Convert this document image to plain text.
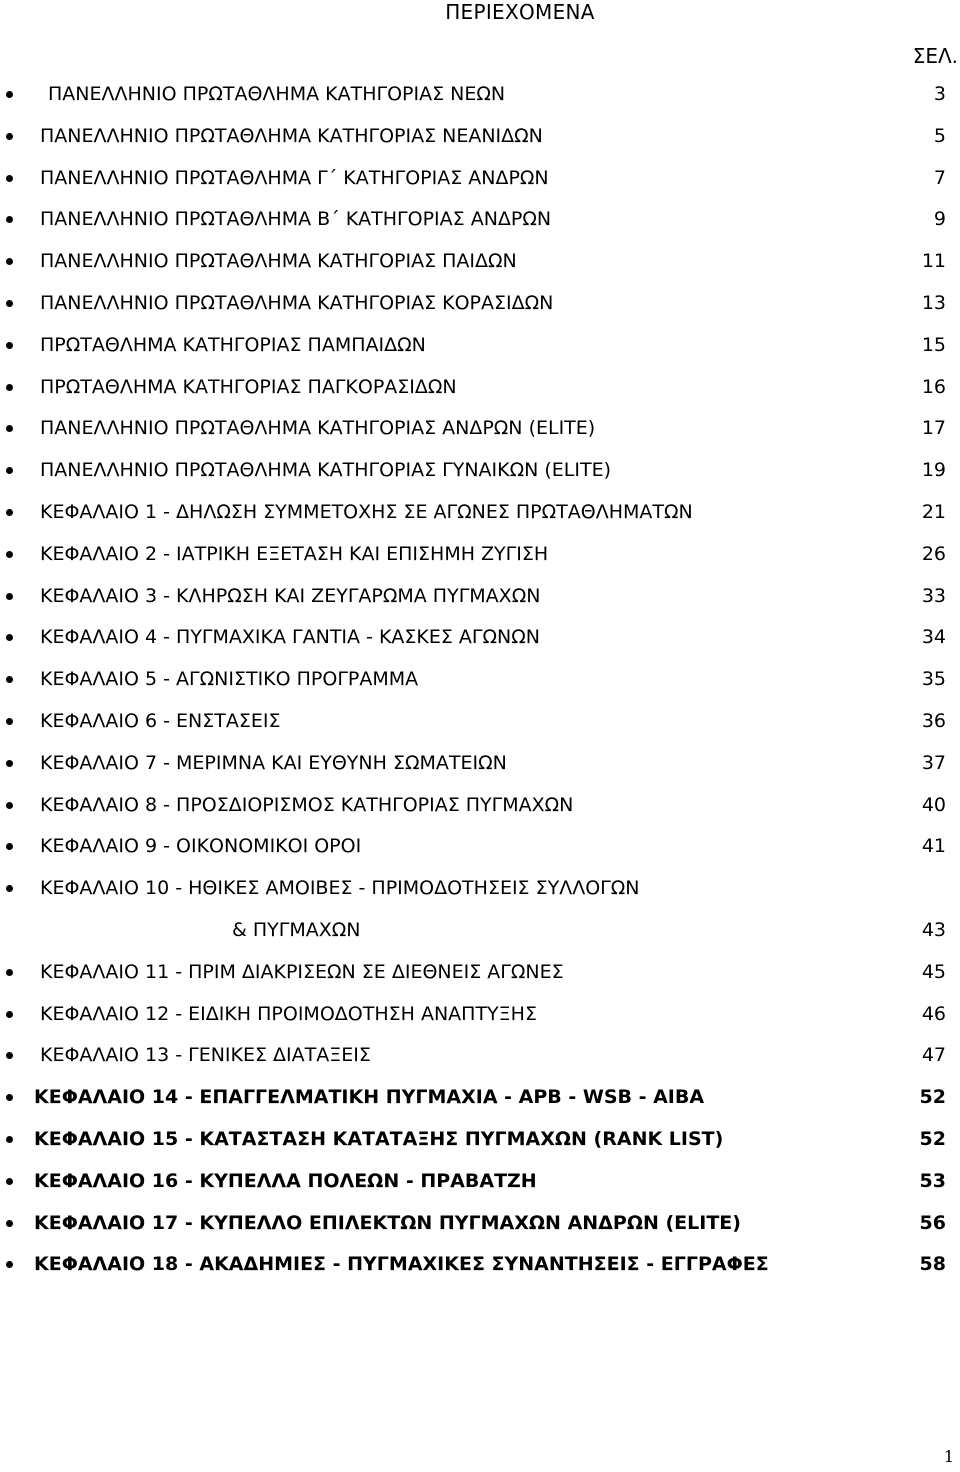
ΠΕΡΙΕΧΟΜΕΝΑ
ΣΕΛ.
ΠΑΝΕΛΛΗΝΙΟ ΠΡΩΤΑΘΛΗΜΑ ΚΑΤΗΓΟΡΙΑΣ ΝΕΩΝ	3
ΠΑΝΕΛΛΗΝΙΟ ΠΡΩΤΑΘΛΗΜΑ ΚΑΤΗΓΟΡΙΑΣ ΝΕΑΝΙΔΩΝ	5
ΠΑΝΕΛΛΗΝΙΟ ΠΡΩΤΑΘΛΗΜΑ Γ΄ ΚΑΤΗΓΟΡΙΑΣ ΑΝΔΡΩΝ	7
ΠΑΝΕΛΛΗΝΙΟ ΠΡΩΤΑΘΛΗΜΑ Β΄ ΚΑΤΗΓΟΡΙΑΣ ΑΝΔΡΩΝ	9
ΠΑΝΕΛΛΗΝΙΟ ΠΡΩΤΑΘΛΗΜΑ ΚΑΤΗΓΟΡΙΑΣ ΠΑΙΔΩΝ	11
ΠΑΝΕΛΛΗΝΙΟ ΠΡΩΤΑΘΛΗΜΑ ΚΑΤΗΓΟΡΙΑΣ ΚΟΡΑΣΙΔΩΝ	13
ΠΡΩΤΑΘΛΗΜΑ ΚΑΤΗΓΟΡΙΑΣ ΠΑΜΠΑΙΔΩΝ	15
ΠΡΩΤΑΘΛΗΜΑ ΚΑΤΗΓΟΡΙΑΣ ΠΑΓΚΟΡΑΣΙΔΩΝ	16
ΠΑΝΕΛΛΗΝΙΟ ΠΡΩΤΑΘΛΗΜΑ ΚΑΤΗΓΟΡΙΑΣ ΑΝΔΡΩΝ (ELITE)	17
ΠΑΝΕΛΛΗΝΙΟ ΠΡΩΤΑΘΛΗΜΑ ΚΑΤΗΓΟΡΙΑΣ ΓΥΝΑΙΚΩΝ (ELITE)	19
ΚΕΦΑΛΑΙΟ 1 - ΔΗΛΩΣΗ ΣΥΜΜΕΤΟΧΗΣ ΣΕ ΑΓΩΝΕΣ ΠΡΩΤΑΘΛΗΜΑΤΩΝ	21
ΚΕΦΑΛΑΙΟ 2 - ΙΑΤΡΙΚΗ ΕΞΕΤΑΣΗ ΚΑΙ ΕΠΙΣΗΜΗ ΖΥΓΙΣΗ	26
ΚΕΦΑΛΑΙΟ 3 - ΚΛΗΡΩΣΗ ΚΑΙ ΖΕΥΓΑΡΩΜΑ ΠΥΓΜΑΧΩΝ	33
ΚΕΦΑΛΑΙΟ 4 - ΠΥΓΜΑΧΙΚΑ ΓΑΝΤΙΑ - ΚΑΣΚΕΣ ΑΓΩΝΩΝ	34
ΚΕΦΑΛΑΙΟ 5 - ΑΓΩΝΙΣΤΙΚΟ ΠΡΟΓΡΑΜΜΑ	35
ΚΕΦΑΛΑΙΟ 6 - ΕΝΣΤΑΣΕΙΣ	36
ΚΕΦΑΛΑΙΟ 7 - ΜΕΡΙΜΝΑ ΚΑΙ ΕΥΘΥΝΗ ΣΩΜΑΤΕΙΩΝ	37
ΚΕΦΑΛΑΙΟ 8 - ΠΡΟΣΔΙΟΡΙΣΜΟΣ ΚΑΤΗΓΟΡΙΑΣ ΠΥΓΜΑΧΩΝ	40
ΚΕΦΑΛΑΙΟ 9 - ΟΙΚΟΝΟΜΙΚΟΙ ΟΡΟΙ	41
ΚΕΦΑΛΑΙΟ 10 - ΗΘΙΚΕΣ ΑΜΟΙΒΕΣ - ΠΡΙΜΟΔΟΤΗΣΕΙΣ ΣΥΛΛΟΓΩΝ
& ΠΥΓΜΑΧΩΝ	43
ΚΕΦΑΛΑΙΟ 11 - ΠΡΙΜ ΔΙΑΚΡΙΣΕΩΝ ΣΕ ΔΙΕΘΝΕΙΣ ΑΓΩΝΕΣ	45
ΚΕΦΑΛΑΙΟ 12 - ΕΙΔΙΚΗ ΠΡΟΙΜΟΔΟΤΗΣΗ ΑΝΑΠΤΥΞΗΣ	46
ΚΕΦΑΛΑΙΟ 13 - ΓΕΝΙΚΕΣ ΔΙΑΤΑΞΕΙΣ	47
ΚΕΦΑΛΑΙΟ 14 - ΕΠΑΓΓΕΛΜΑΤΙΚΗ ΠΥΓΜΑΧΙΑ - APB - WSB - AIBA	52
ΚΕΦΑΛΑΙΟ 15 - ΚΑΤΑΣΤΑΣΗ ΚΑΤΑΤΑΞΗΣ ΠΥΓΜΑΧΩΝ (RANK LIST)	52
ΚΕΦΑΛΑΙΟ 16 - ΚΥΠΕΛΛΑ ΠΟΛΕΩΝ - ΠΡΑΒΑΤΖΗ	53
ΚΕΦΑΛΑΙΟ 17 - ΚΥΠΕΛΛΟ ΕΠΙΛΕΚΤΩΝ ΠΥΓΜΑΧΩΝ ΑΝΔΡΩΝ (ELITE)	56
ΚΕΦΑΛΑΙΟ 18 - ΑΚΑΔΗΜΙΕΣ - ΠΥΓΜΑΧΙΚΕΣ ΣΥΝΑΝΤΗΣΕΙΣ - ΕΓΓΡΑΦΕΣ	58
1
